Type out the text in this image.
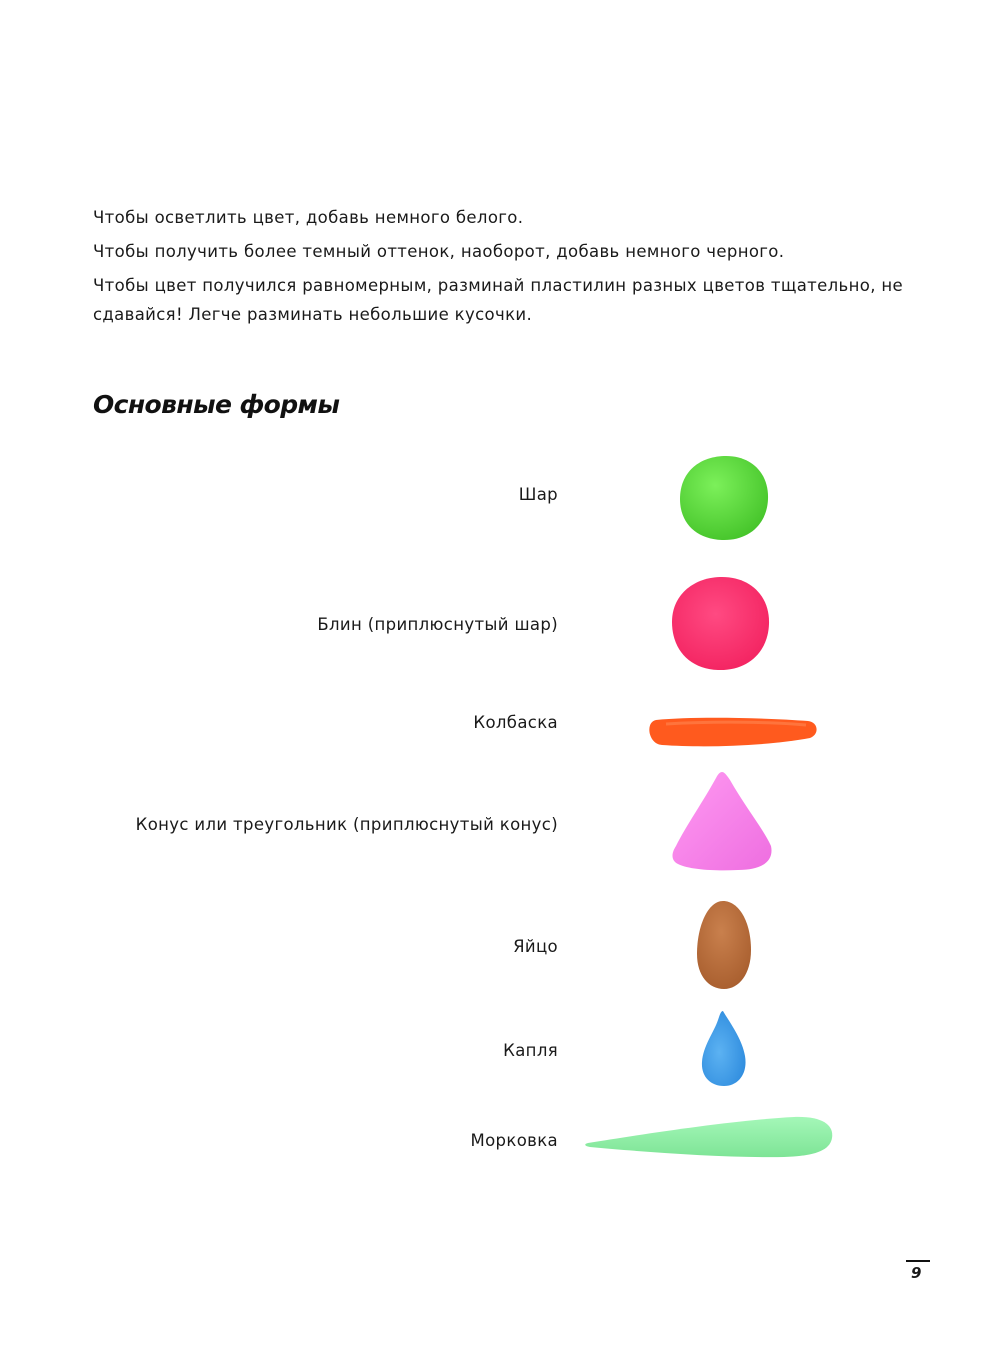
Чтобы осветлить цвет, добавь немного белого.

Чтобы получить более темный оттенок, наоборот, добавь немного черного.

Чтобы цвет получился равномерным, разминай пластилин разных цветов тщательно, не сдавайся! Легче разминать небольшие кусочки.

Основные формы
Шар
Блин (приплюснутый шар)
Колбаска
Конус или треугольник (приплюснутый конус)
Яйцо
Капля
Морковка
9
